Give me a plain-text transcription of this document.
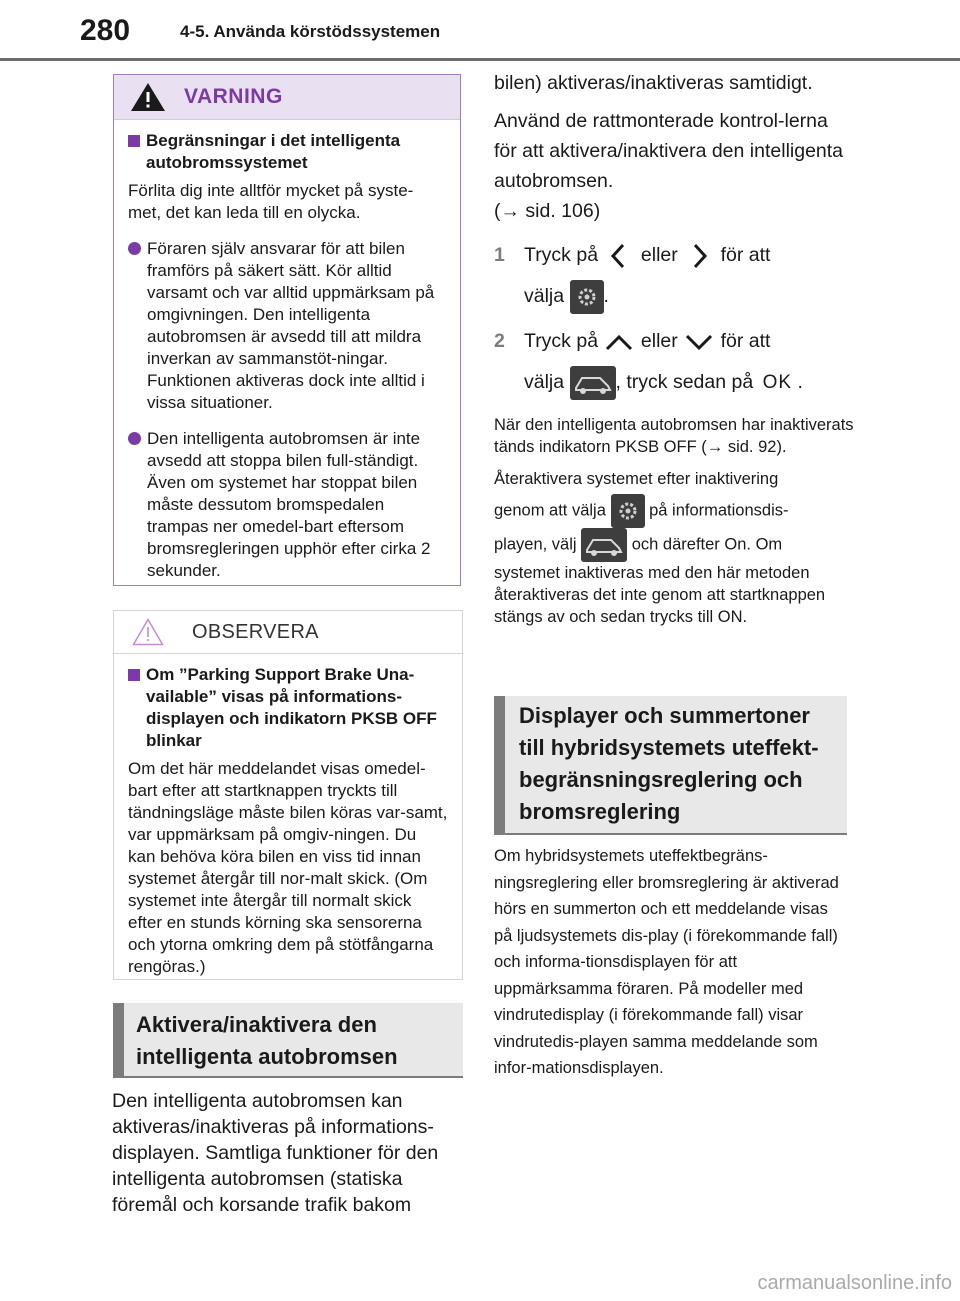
280	4-5. Använda körstödssystemen
VARNING
Begränsningar i det intelligenta autobromssystemet
Förlita dig inte alltför mycket på syste-met, det kan leda till en olycka.
Föraren själv ansvarar för att bilen framförs på säkert sätt. Kör alltid varsamt och var alltid uppmärksam på omgivningen. Den intelligenta autobromsen är avsedd till att mildra inverkan av sammanstöt-ningar. Funktionen aktiveras dock inte alltid i vissa situationer.
Den intelligenta autobromsen är inte avsedd att stoppa bilen full-ständigt. Även om systemet har stoppat bilen måste dessutom bromspedalen trampas ner omedel-bart eftersom bromsregleringen upphör efter cirka 2 sekunder.
OBSERVERA
Om ”Parking Support Brake Una-vailable” visas på informations-displayen och indikatorn PKSB OFF blinkar
Om det här meddelandet visas omedel-bart efter att startknappen tryckts till tändningsläge måste bilen köras var-samt, var uppmärksam på omgiv-ningen. Du kan behöva köra bilen en viss tid innan systemet återgår till nor-malt skick. (Om systemet inte återgår till normalt skick efter en stunds körning ska sensorerna och ytorna omkring dem på stötfångarna rengöras.)
Aktivera/inaktivera den intelligenta autobromsen
Den intelligenta autobromsen kan aktiveras/inaktiveras på informations-displayen. Samtliga funktioner för den intelligenta autobromsen (statiska föremål och korsande trafik bakom
bilen) aktiveras/inaktiveras samtidigt.
Använd de rattmonterade kontrol-lerna för att aktivera/inaktivera den intelligenta autobromsen.
(→ sid. 106)
1 Tryck på eller för att
välja .
2 Tryck på eller för att
välja	, tryck sedan på OK .
När den intelligenta autobromsen har inaktiverats tänds indikatorn PKSB OFF (→ sid. 92).
Återaktivera systemet efter inaktivering
genom att välja	på informationsdis-
playen, välj	och därefter On. Om
systemet inaktiveras med den här metoden återaktiveras det inte genom att startknappen stängs av och sedan trycks till ON.
Displayer och summertoner till hybridsystemets uteffekt-begränsningsreglering och bromsreglering
Om hybridsystemets uteffektbegräns-ningsreglering eller bromsreglering är aktiverad hörs en summerton och ett meddelande visas på ljudsystemets dis-play (i förekommande fall) och informa-tionsdisplayen för att uppmärksamma föraren. På modeller med vindrutedisplay (i förekommande fall) visar vindrutedis-playen samma meddelande som infor-mationsdisplayen.
carmanualsonline.info
